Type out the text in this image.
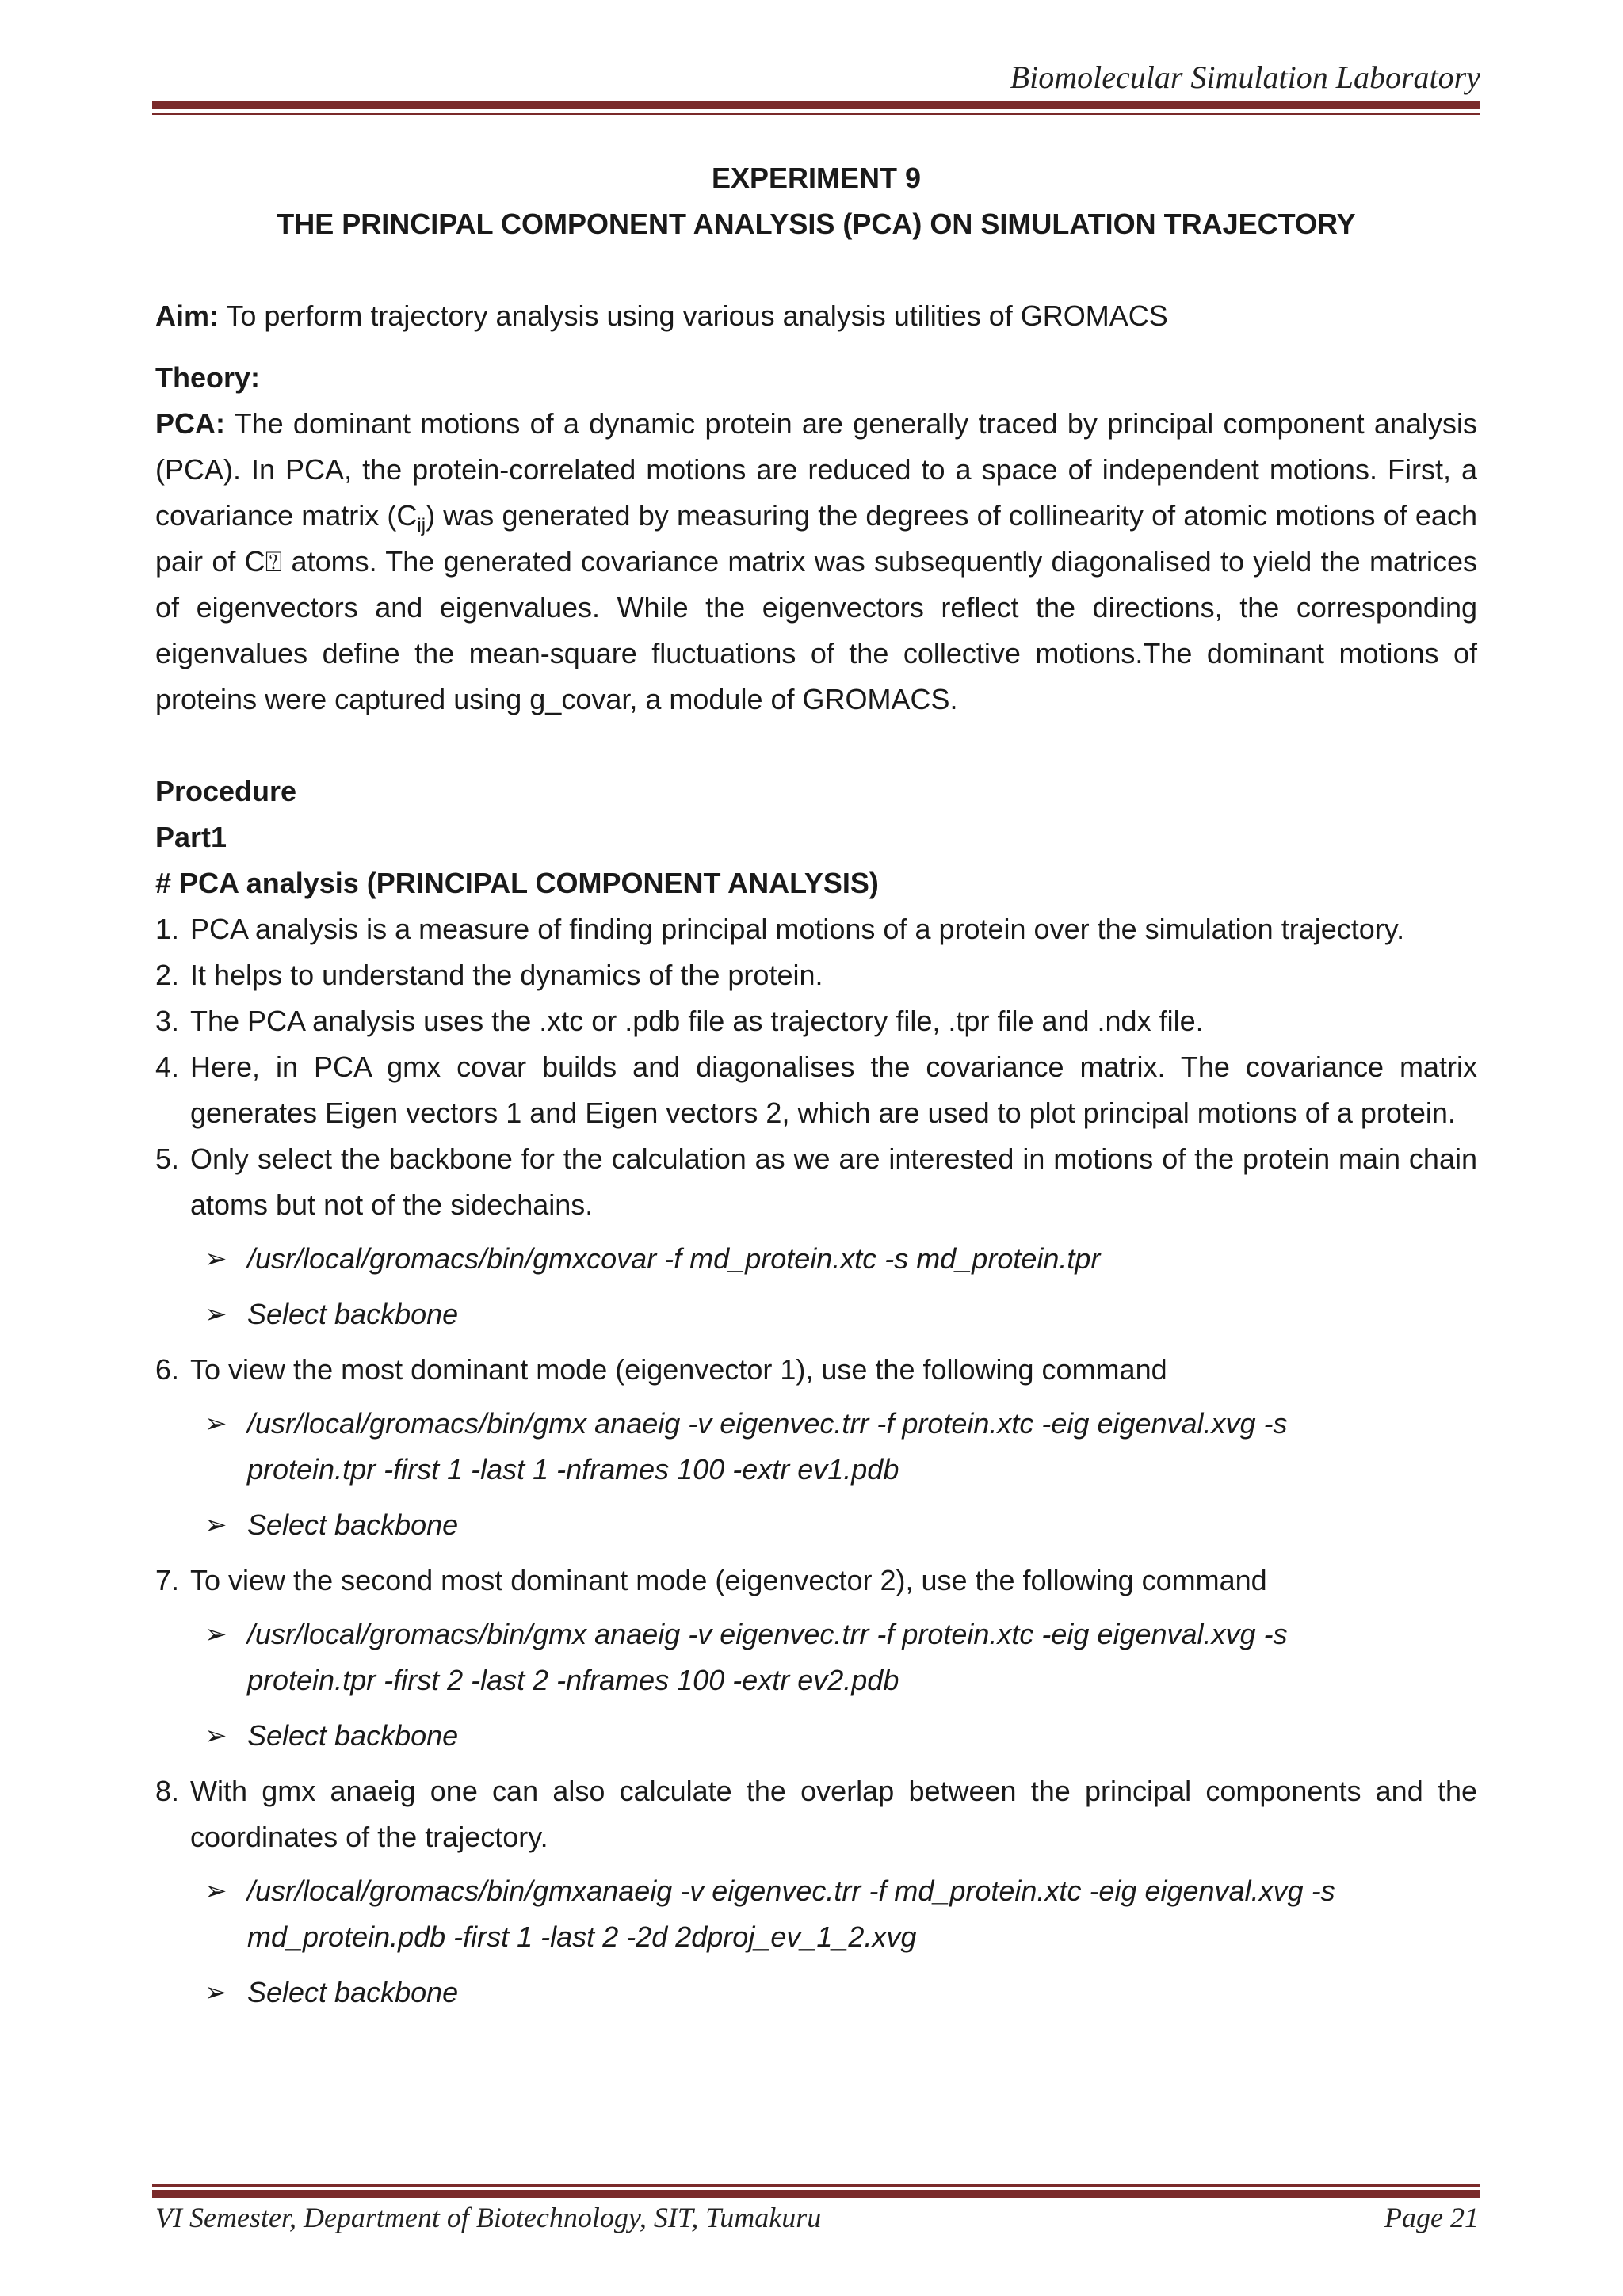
Biomolecular Simulation Laboratory
EXPERIMENT 9
THE PRINCIPAL COMPONENT ANALYSIS (PCA) ON SIMULATION TRAJECTORY
Aim: To perform trajectory analysis using various analysis utilities of GROMACS
Theory:
PCA: The dominant motions of a dynamic protein are generally traced by principal component analysis (PCA). In PCA, the protein-correlated motions are reduced to a space of independent motions. First, a covariance matrix $(C_{ij})$ was generated by measuring the degrees of collinearity of atomic motions of each pair of C⍰ atoms. The generated covariance matrix was subsequently diagonalised to yield the matrices of eigenvectors and eigenvalues. While the eigenvectors reflect the directions, the corresponding eigenvalues define the mean-square fluctuations of the collective motions.The dominant motions of proteins were captured using g_covar, a module of GROMACS.
Procedure
Part1
# PCA analysis (PRINCIPAL COMPONENT ANALYSIS)
1. PCA analysis is a measure of finding principal motions of a protein over the simulation trajectory.
2. It helps to understand the dynamics of the protein.
3. The PCA analysis uses the .xtc or .pdb file as trajectory file, .tpr file and .ndx file.
4. Here, in PCA gmx covar builds and diagonalises the covariance matrix. The covariance matrix generates Eigen vectors 1 and Eigen vectors 2, which are used to plot principal motions of a protein.
5. Only select the backbone for the calculation as we are interested in motions of the protein main chain atoms but not of the sidechains.
➢ /usr/local/gromacs/bin/gmxcovar -f md_protein.xtc -s md_protein.tpr
➢ Select backbone
6. To view the most dominant mode (eigenvector 1), use the following command
➢ /usr/local/gromacs/bin/gmx anaeig -v eigenvec.trr -f protein.xtc -eig eigenval.xvg -s
protein.tpr -first 1 -last 1 -nframes 100 -extr ev1.pdb
➢ Select backbone
7. To view the second most dominant mode (eigenvector 2), use the following command
➢ /usr/local/gromacs/bin/gmx anaeig -v eigenvec.trr -f protein.xtc -eig eigenval.xvg -s
protein.tpr -first 2 -last 2 -nframes 100 -extr ev2.pdb
➢ Select backbone
8. With gmx anaeig one can also calculate the overlap between the principal components and the coordinates of the trajectory.
➢ /usr/local/gromacs/bin/gmxanaeig -v eigenvec.trr -f md_protein.xtc -eig eigenval.xvg -s
md_protein.pdb -first 1 -last 2 -2d 2dproj_ev_1_2.xvg
➢ Select backbone
VI Semester, Department of Biotechnology, SIT, Tumakuru	Page 21
